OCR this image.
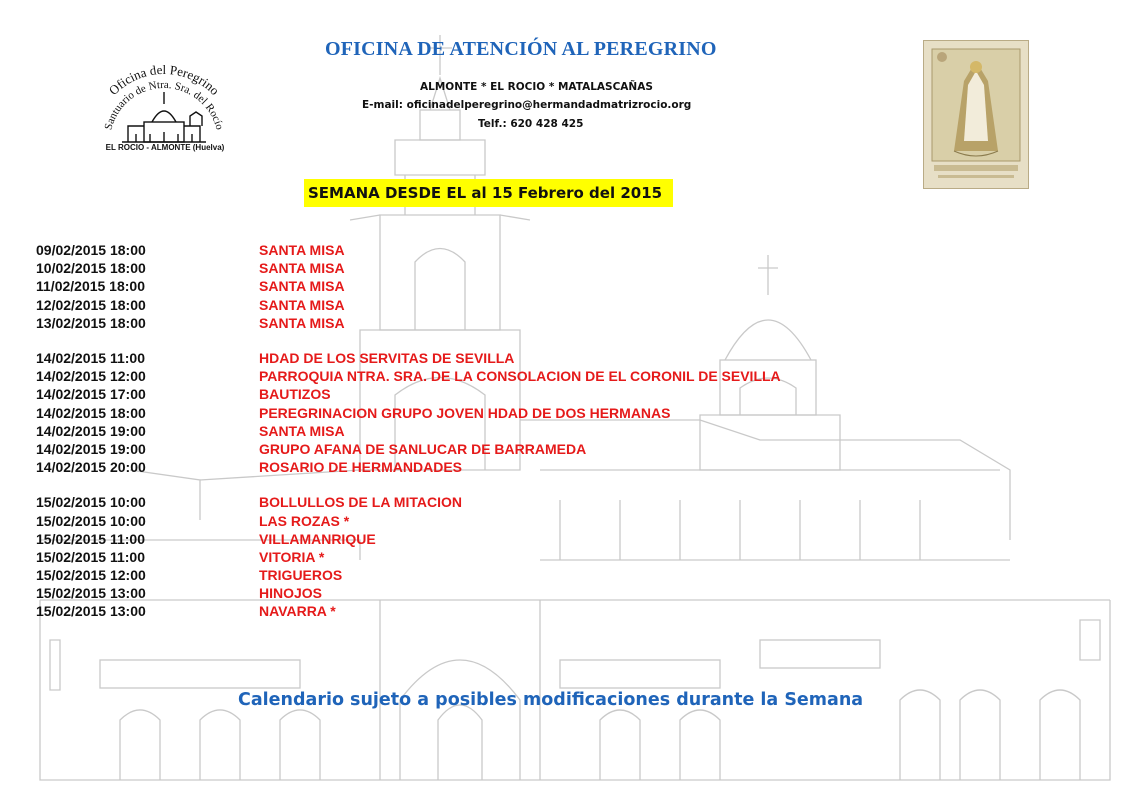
Oficina del Peregrino
Santuario de Ntra. Sra. del Rocío
EL ROCIO - ALMONTE (Huelva)
OFICINA DE ATENCIÓN AL PEREGRINO
ALMONTE * EL ROCIO * MATALASCAÑAS
E-mail: oficinadelperegrino@hermandadmatrizrocio.org
Telf.: 620 428 425
SEMANA DESDE EL al 15 Febrero del 2015
09/02/2015 18:00	SANTA MISA
10/02/2015 18:00	SANTA MISA
11/02/2015 18:00	SANTA MISA
12/02/2015 18:00	SANTA MISA
13/02/2015 18:00	SANTA MISA
14/02/2015 11:00	HDAD DE LOS SERVITAS DE SEVILLA
14/02/2015 12:00	PARROQUIA NTRA. SRA. DE LA CONSOLACION DE EL CORONIL DE SEVILLA
14/02/2015 17:00	BAUTIZOS
14/02/2015 18:00	PEREGRINACION GRUPO JOVEN HDAD DE DOS HERMANAS
14/02/2015 19:00	SANTA MISA
14/02/2015 19:00	GRUPO AFANA DE SANLUCAR DE BARRAMEDA
14/02/2015 20:00	ROSARIO DE HERMANDADES
15/02/2015 10:00	BOLLULLOS DE LA MITACION
15/02/2015 10:00	LAS ROZAS *
15/02/2015 11:00	VILLAMANRIQUE
15/02/2015 11:00	VITORIA *
15/02/2015 12:00	TRIGUEROS
15/02/2015 13:00	HINOJOS
15/02/2015 13:00	NAVARRA *
Calendario sujeto a posibles modificaciones durante la Semana
